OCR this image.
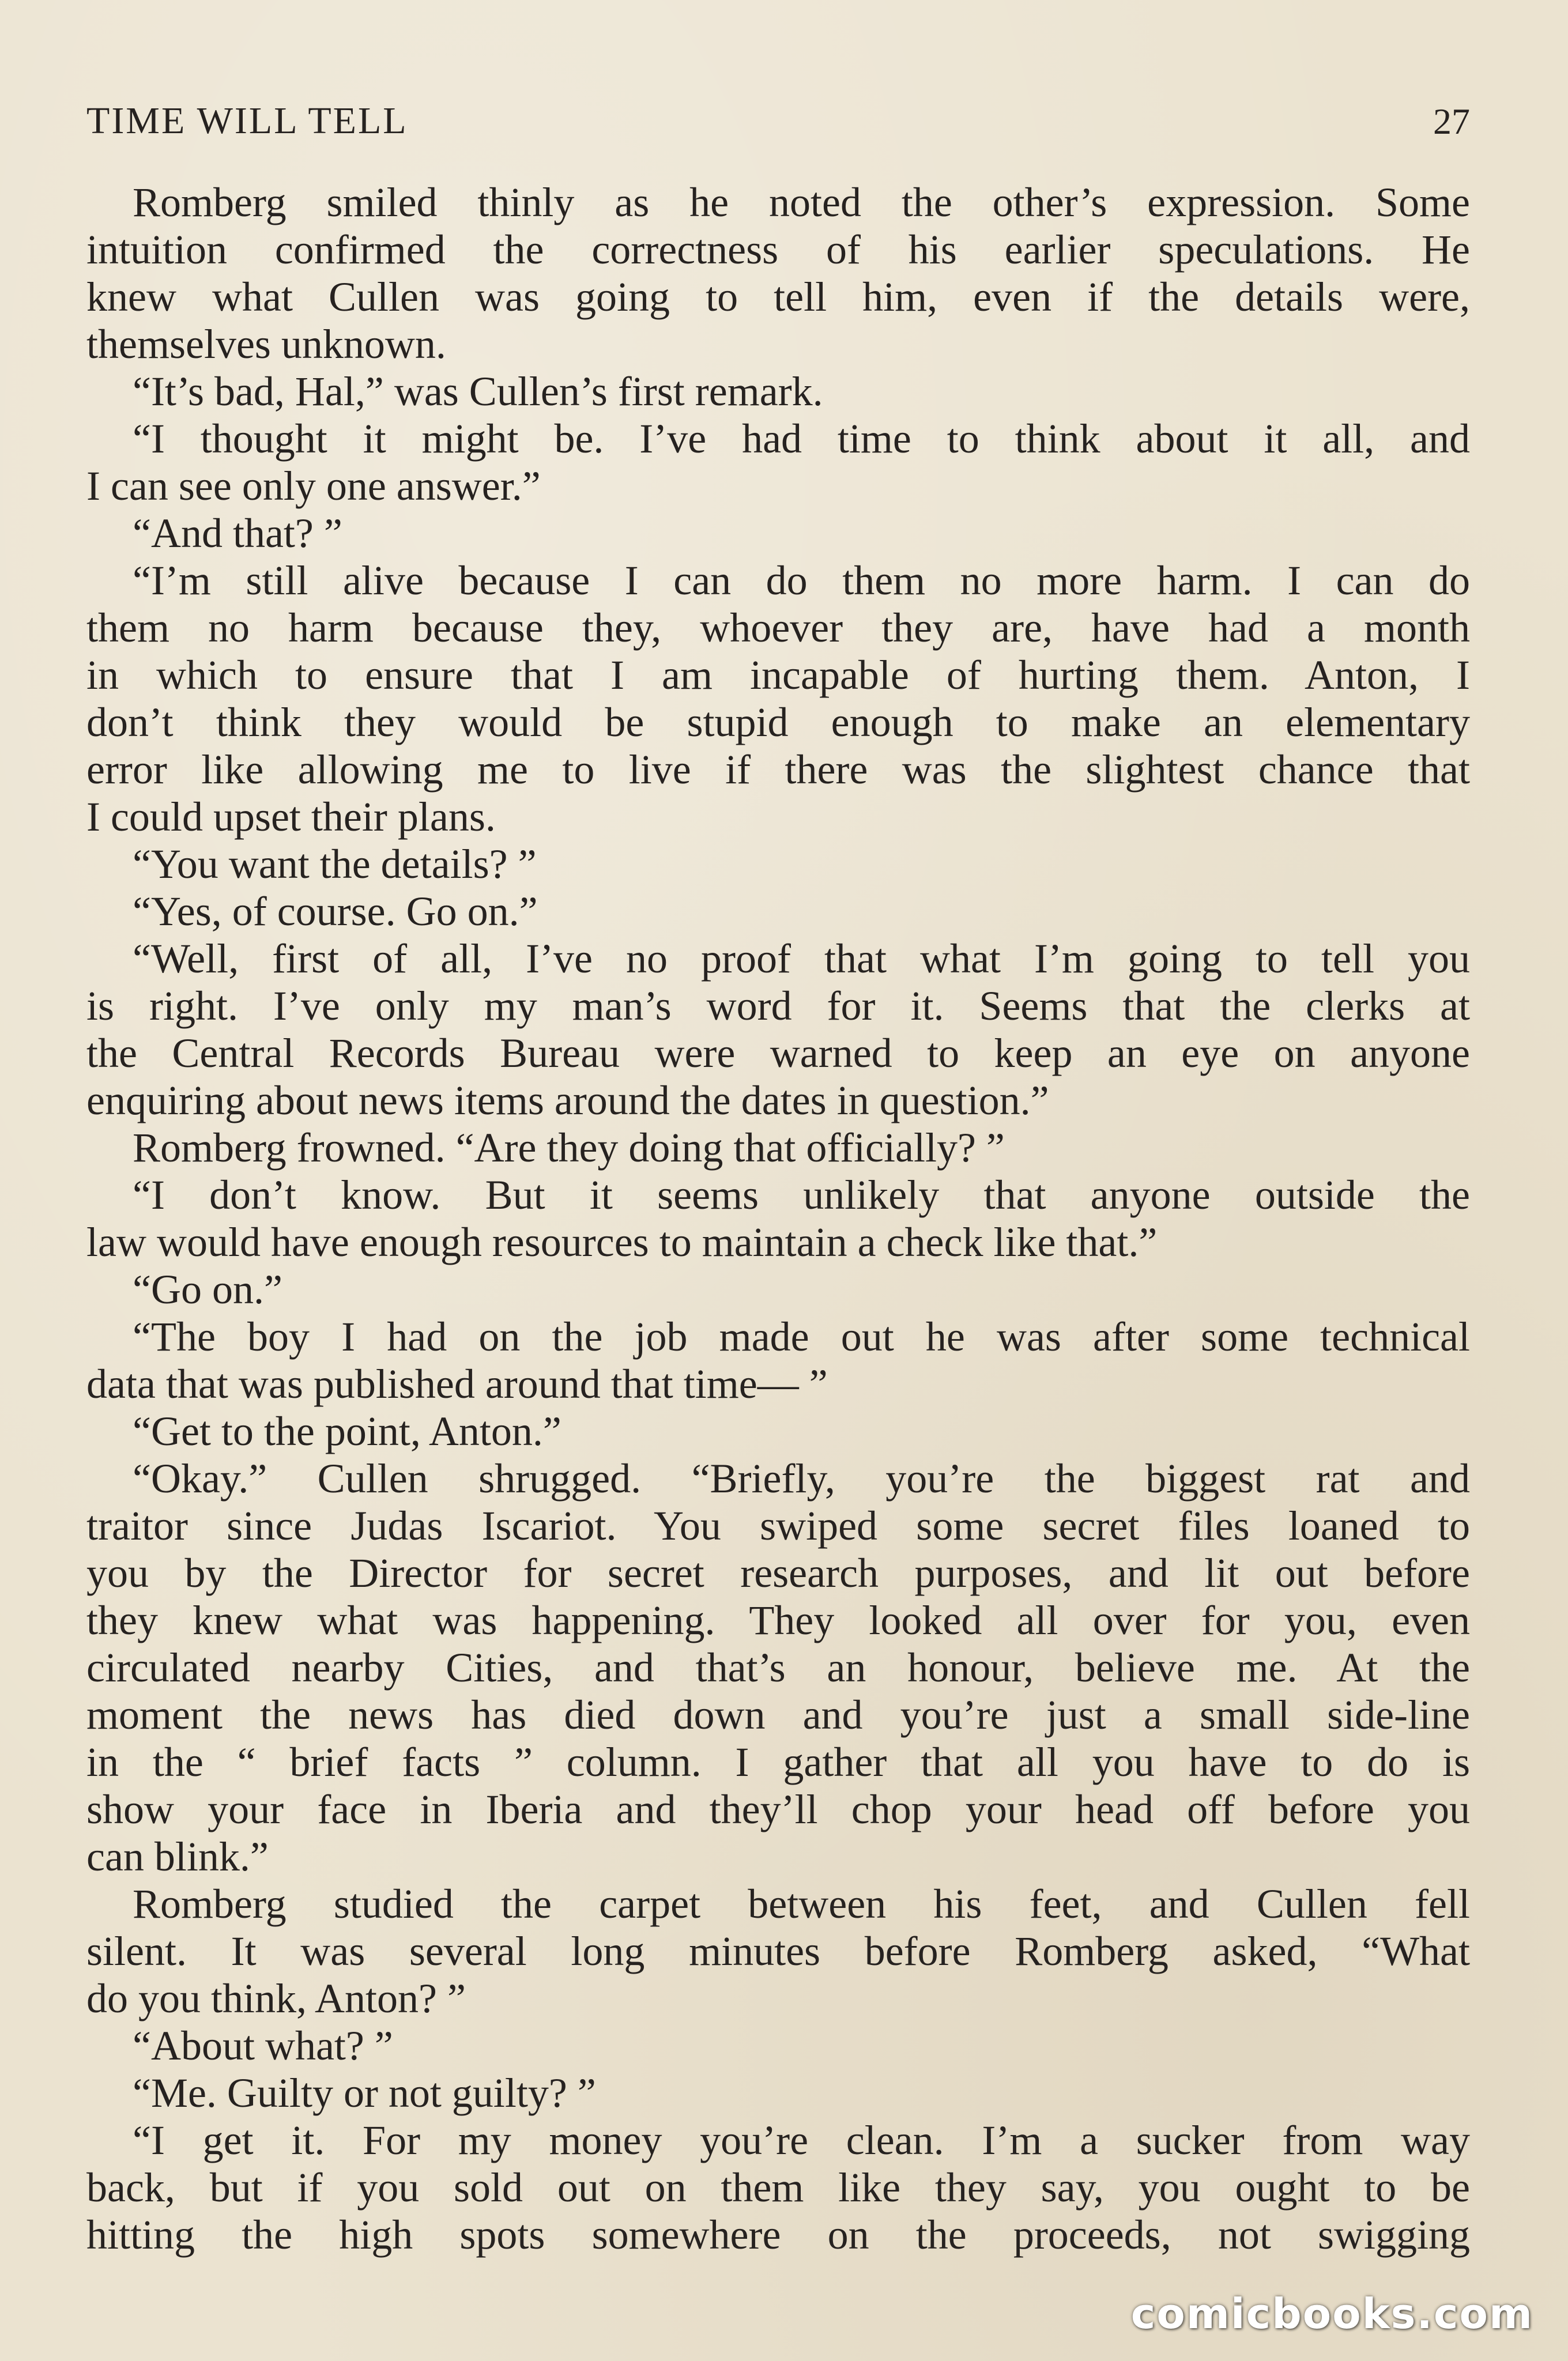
TIME WILL TELL	27
Romberg smiled thinly as he noted the other’s expression. Some
intuition confirmed the correctness of his earlier speculations. He
knew what Cullen was going to tell him, even if the details were,
themselves unknown.
“It’s bad, Hal,” was Cullen’s first remark.
“I thought it might be. I’ve had time to think about it all, and
I can see only one answer.”
“And that? ”
“I’m still alive because I can do them no more harm. I can do
them no harm because they, whoever they are, have had a month
in which to ensure that I am incapable of hurting them. Anton, I
don’t think they would be stupid enough to make an elementary
error like allowing me to live if there was the slightest chance that
I could upset their plans.
“You want the details? ”
“Yes, of course. Go on.”
“Well, first of all, I’ve no proof that what I’m going to tell you
is right. I’ve only my man’s word for it. Seems that the clerks at
the Central Records Bureau were warned to keep an eye on anyone
enquiring about news items around the dates in question.”
Romberg frowned. “Are they doing that officially? ”
“I don’t know. But it seems unlikely that anyone outside the
law would have enough resources to maintain a check like that.”
“Go on.”
“The boy I had on the job made out he was after some technical
data that was published around that time— ”
“Get to the point, Anton.”
“Okay.” Cullen shrugged. “Briefly, you’re the biggest rat and
traitor since Judas Iscariot. You swiped some secret files loaned to
you by the Director for secret research purposes, and lit out before
they knew what was happening. They looked all over for you, even
circulated nearby Cities, and that’s an honour, believe me. At the
moment the news has died down and you’re just a small side-line
in the “ brief facts ” column. I gather that all you have to do is
show your face in Iberia and they’ll chop your head off before you
can blink.”
Romberg studied the carpet between his feet, and Cullen fell
silent. It was several long minutes before Romberg asked, “What
do you think, Anton? ”
“About what? ”
“Me. Guilty or not guilty? ”
“I get it. For my money you’re clean. I’m a sucker from way
back, but if you sold out on them like they say, you ought to be
hitting the high spots somewhere on the proceeds, not swigging
comicbooks.com
